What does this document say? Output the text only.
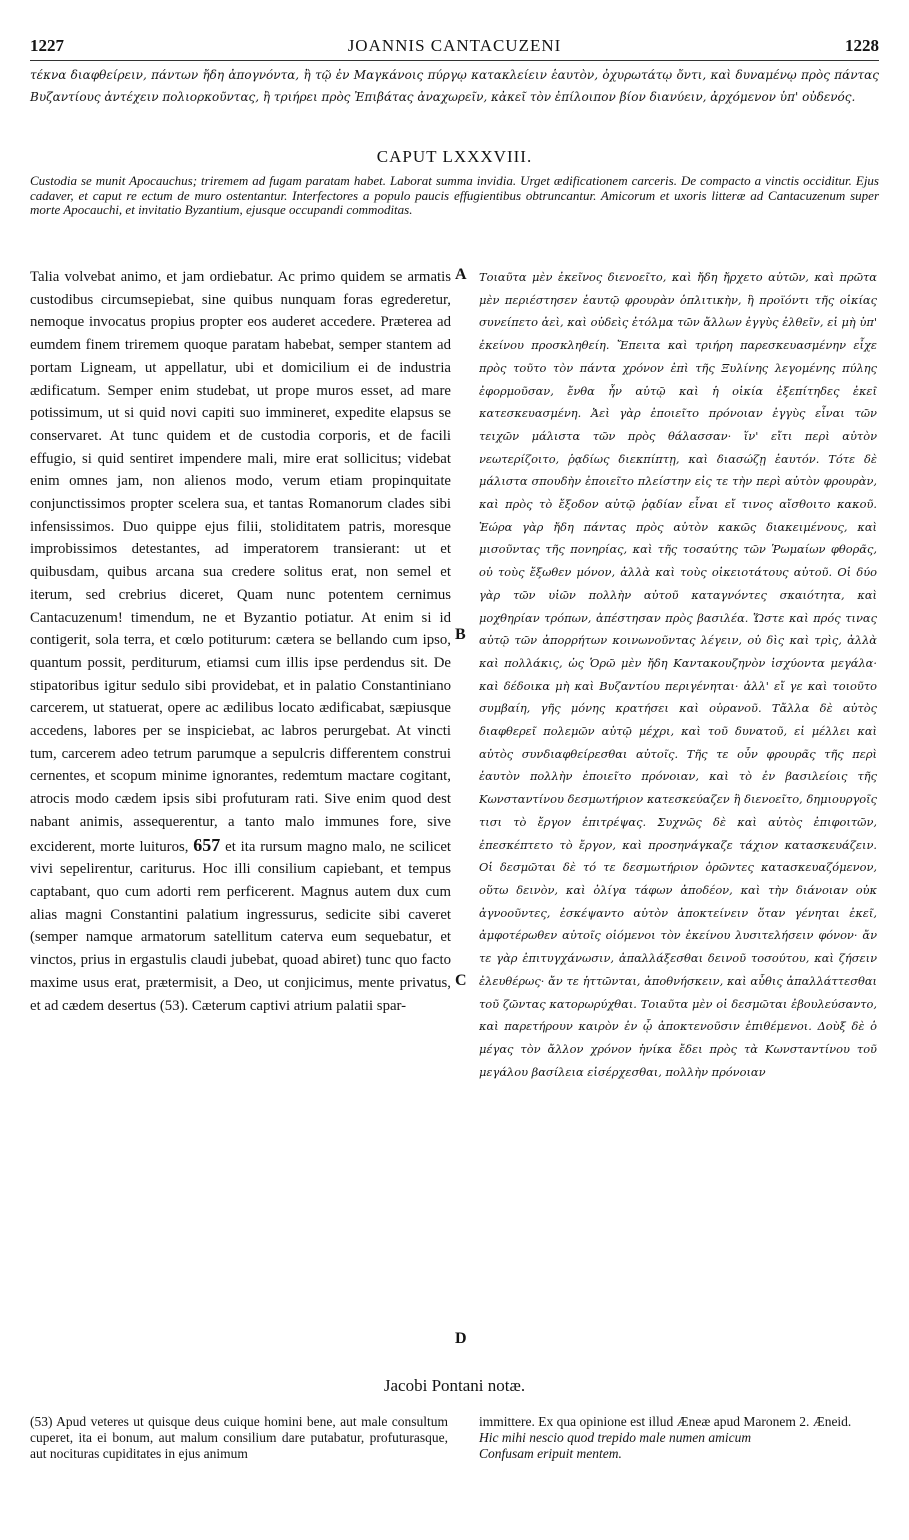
1227	JOANNIS CANTACUZENI	1228
τέκνα διαφθείρειν, πάντων ἤδη ἀπογνόντα, ἢ τῷ ἐν Μαγκάνοις πύργῳ κατακλείειν ἑαυτὸν, ὀχυρωτάτῳ ὄντι, καὶ δυναμένῳ πρὸς πάντας Βυζαντίους ἀντέχειν πολιορκοῦντας, ἢ τριήρει πρὸς Ἐπιβάτας ἀναχωρεῖν, κἀκεῖ τὸν ἐπίλοιπον βίον διανύειν, ἀρχόμενον ὑπ' οὐδενός.
CAPUT LXXXVIII.
Custodia se munit Apocauchus; triremem ad fugam paratam habet. Laborat summa invidia. Urget ædificationem carceris. De compacto a vinctis occiditur. Ejus cadaver, et caput re ectum de muro ostentantur. Interfectores a populo paucis effugientibus obtruncantur. Amicorum et uxoris litteræ ad Cantacuzenum super morte Apocauchi, et invitatio Byzantium, ejusque occupandi commoditas.
Talia volvebat animo, et jam ordiebatur. Ac primo quidem se armatis custodibus circumsepiebat, sine quibus nunquam foras egrederetur, nemoque invocatus propius propter eos auderet accedere. Præterea ad eumdem finem triremem quoque paratam habebat, semper stantem ad portam Ligneam, ut appellatur, ubi et domicilium ei de industria ædificatum. Semper enim studebat, ut prope muros esset, ad mare potissimum, ut si quid novi capiti suo immineret, expedite elapsus se conservaret. At tunc quidem et de custodia corporis, et de facili effugio, si quid sentiret impendere mali, mire erat sollicitus; videbat enim omnes jam, non alienos modo, verum etiam propinquitate conjunctissimos propter scelera sua, et tantas Romanorum clades sibi infensissimos. Duo quippe ejus filii, stoliditatem patris, moresque improbissimos detestantes, ad imperatorem transierant: ut et quibusdam, quibus arcana sua credere solitus erat, non semel et iterum, sed crebrius diceret, Quam nunc potentem cernimus Cantacuzenum! timendum, ne et Byzantio potiatur. At enim si id contigerit, sola terra, et cœlo potiturum: cætera se bellando cum ipso, quantum possit, perditurum, etiamsi cum illis ipse perdendus sit. De stipatoribus igitur sedulo sibi providebat, et in palatio Constantiniano carcerem, ut statuerat, opere ac ædilibus locato ædificabat, sæpiusque accedens, labores per se inspiciebat, ac labros perurgebat. At vincti tum, carcerem adeo tetrum parumque a sepulcris differentem construi cernentes, et scopum minime ignorantes, redemtum mactare cogitant, atrocis modo cædem ipsis sibi profuturam rati. Sive enim quod dest nabant animis, assequerentur, a tanto malo immunes fore, sive exciderent, morte luituros, 657 et ita rursum magno malo, ne scilicet vivi sepelirentur, cariturus. Hoc illi consilium capiebant, et tempus captabant, quo cum adorti rem perficerent. Magnus autem dux cum alias magni Constantini palatium ingressurus, sedicite sibi caveret (semper namque armatorum satellitum caterva eum sequebatur, et vinctos, prius in ergastulis claudi jubebat, quoad abiret) tunc quo facto maxime usus erat, prætermisit, a Deo, ut conjicimus, mente privatus, et ad cædem desertus (53). Cæterum captivi atrium palatii spar-
A
B
C
D
Τοιαῦτα μὲν ἐκεῖνος διενοεῖτο, καὶ ἤδη ἤρχετο αὐτῶν, καὶ πρῶτα μὲν περιέστησεν ἑαυτῷ φρουρὰν ὁπλιτικὴν, ἣ προϊόντι τῆς οἰκίας συνείπετο ἀεὶ, καὶ οὐδεὶς ἐτόλμα τῶν ἄλλων ἐγγὺς ἐλθεῖν, εἰ μὴ ὑπ' ἐκείνου προσκληθείη. Ἔπειτα καὶ τριήρη παρεσκευασμένην εἶχε πρὸς τοῦτο τὸν πάντα χρόνον ἐπὶ τῆς Ξυλίνης λεγομένης πύλης ἐφορμοῦσαν, ἔνθα ἦν αὐτῷ καὶ ἡ οἰκία ἐξεπίτηδες ἐκεῖ κατεσκευασμένη. Ἀεὶ γὰρ ἐποιεῖτο πρόνοιαν ἐγγὺς εἶναι τῶν τειχῶν μάλιστα τῶν πρὸς θάλασσαν· ἵν' εἴτι περὶ αὐτὸν νεωτερίζοιτο, ῥᾳδίως διεκπίπτῃ, καὶ διασώζῃ ἑαυτόν. Τότε δὲ μάλιστα σπουδὴν ἐποιεῖτο πλείστην εἰς τε τὴν περὶ αὐτὸν φρουρὰν, καὶ πρὸς τὸ ἔξοδον αὐτῷ ῥᾳδίαν εἶναι εἴ τινος αἴσθοιτο κακοῦ. Ἑώρα γὰρ ἤδη πάντας πρὸς αὐτὸν κακῶς διακειμένους, καὶ μισοῦντας τῆς πονηρίας, καὶ τῆς τοσαύτης τῶν Ῥωμαίων φθορᾶς, οὐ τοὺς ἔξωθεν μόνον, ἀλλὰ καὶ τοὺς οἰκειοτάτους αὐτοῦ. Οἱ δύο γὰρ τῶν υἱῶν πολλὴν αὐτοῦ καταγνόντες σκαιότητα, καὶ μοχθηρίαν τρόπων, ἀπέστησαν πρὸς βασιλέα. Ὥστε καὶ πρός τινας αὐτῷ τῶν ἀπορρήτων κοινωνοῦντας λέγειν, οὐ δὶς καὶ τρὶς, ἀλλὰ καὶ πολλάκις, ὡς Ὁρῶ μὲν ἤδη Καντακουζηνὸν ἰσχύοντα μεγάλα· καὶ δέδοικα μὴ καὶ Βυζαντίου περιγένηται· ἀλλ' εἴ γε καὶ τοιοῦτο συμβαίη, γῆς μόνης κρατήσει καὶ οὐρανοῦ. Τἄλλα δὲ αὐτὸς διαφθερεῖ πολεμῶν αὐτῷ μέχρι, καὶ τοῦ δυνατοῦ, εἰ μέλλει καὶ αὐτὸς συνδιαφθείρεσθαι αὐτοῖς. Τῆς τε οὖν φρουρᾶς τῆς περὶ ἑαυτὸν πολλὴν ἐποιεῖτο πρόνοιαν, καὶ τὸ ἐν βασιλείοις τῆς Κωνσταντίνου δεσμωτήριον κατεσκεύαζεν ἣ διενοεῖτο, δημιουργοῖς τισι τὸ ἔργον ἐπιτρέψας. Συχνῶς δὲ καὶ αὐτὸς ἐπιφοιτῶν, ἐπεσκέπτετο τὸ ἔργον, καὶ προσηνάγκαζε τάχιον κατασκευάζειν. Οἱ δεσμῶται δὲ τό τε δεσμωτήριον ὁρῶντες κατασκευαζόμενον, οὕτω δεινὸν, καὶ ὀλίγα τάφων ἀποδέον, καὶ τὴν διάνοιαν οὐκ ἀγνοοῦντες, ἐσκέψαντο αὐτὸν ἀποκτείνειν ὅταν γένηται ἐκεῖ, ἀμφοτέρωθεν αὐτοῖς οἰόμενοι τὸν ἐκείνου λυσιτελήσειν φόνον· ἄν τε γὰρ ἐπιτυγχάνωσιν, ἀπαλλάξεσθαι δεινοῦ τοσούτου, καὶ ζήσειν ἐλευθέρως· ἄν τε ἡττῶνται, ἀποθνήσκειν, καὶ αὖθις ἀπαλλάττεσθαι τοῦ ζῶντας κατορωρύχθαι. Τοιαῦτα μὲν οἱ δεσμῶται ἐβουλεύσαντο, καὶ παρετήρουν καιρὸν ἐν ᾧ ἀποκτενοῦσιν ἐπιθέμενοι. Δοὺξ δὲ ὁ μέγας τὸν ἄλλον χρόνον ἡνίκα ἔδει πρὸς τὰ Κωνσταντίνου τοῦ μεγάλου βασίλεια εἰσέρχεσθαι, πολλὴν πρόνοιαν
Jacobi Pontani notæ.
(53) Apud veteres ut quisque deus cuique homini bene, aut male consultum cuperet, ita ei bonum, aut malum consilium dare putabatur, profuturasque, aut nocituras cupiditates in ejus animum
immittere. Ex qua opinione est illud Æneæ apud Maronem 2. Æneid.
Hic mihi nescio quod trepido male numen amicum
Confusam eripuit mentem.
